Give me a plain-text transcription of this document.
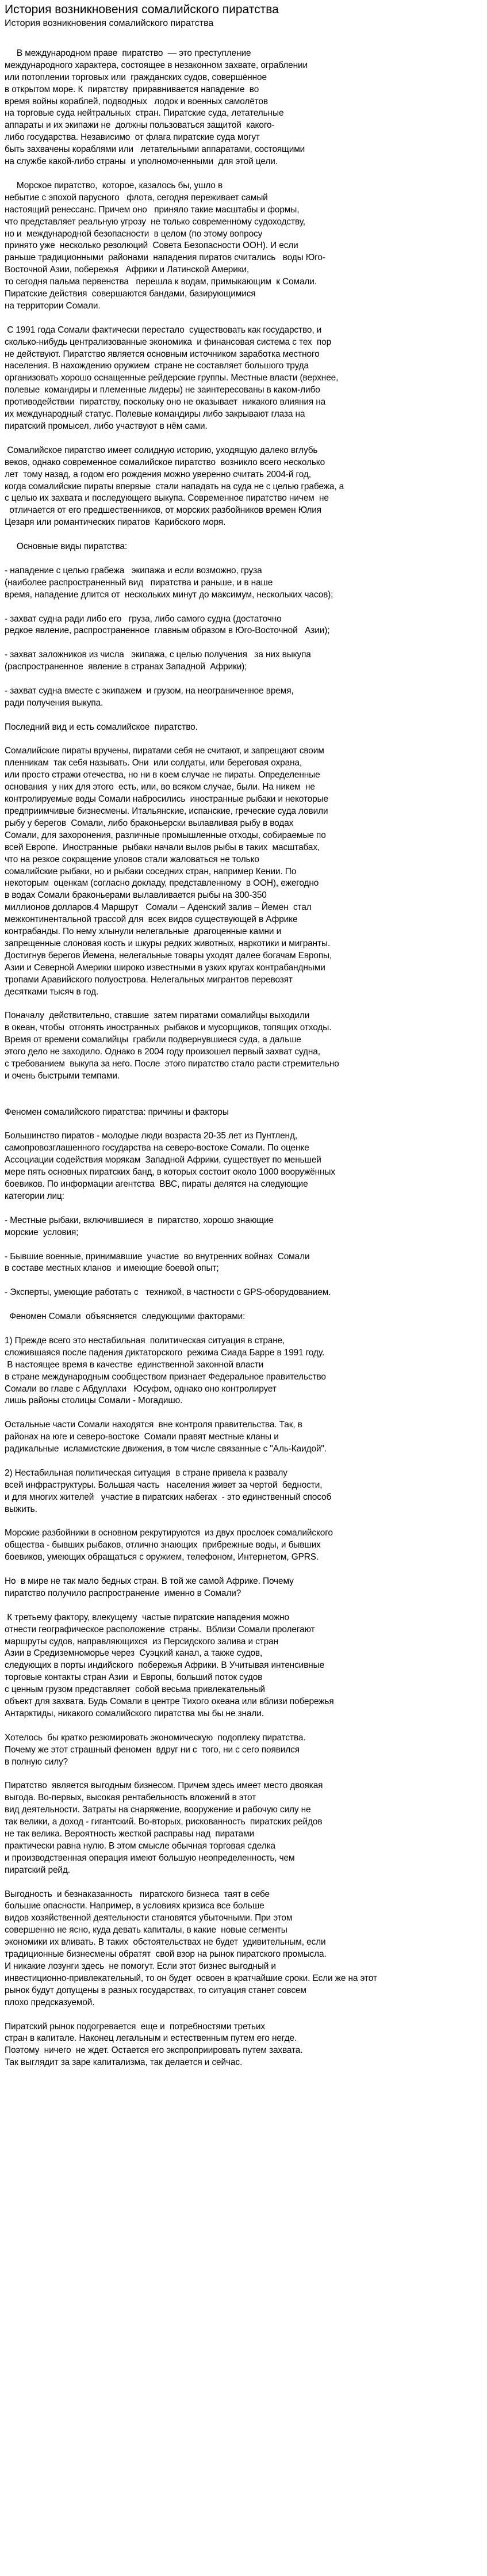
История возникновения сомалийского пиратства
История возникновения сомалийского пиратства

В международном праве  пиратство  — это преступление
международного характера, состоящее в незаконном захвате, ограблении
или потоплении торговых или  гражданских судов, совершённое
в открытом море. К  пиратству  приравнивается нападение  во
время войны кораблей, подводных   лодок и военных самолётов
на торговые суда нейтральных  стран. Пиратские суда, летательные
аппараты и их экипажи не  должны пользоваться защитой  какого-
либо государства. Независимо  от флага пиратские суда могут
быть захвачены кораблями или   летательными аппаратами, состоящими
на службе какой-либо страны  и уполномоченными  для этой цели.

Морское пиратство,  которое, казалось бы, ушло в
небытие с эпохой парусного   флота, сегодня переживает самый
настоящий ренессанс. Причем оно   приняло такие масштабы и формы,
что представляет реальную угрозу  не только современному судоходству,
но и  международной безопасности  в целом (по этому вопросу
принято уже  несколько резолюций  Совета Безопасности ООН). И если
раньше традиционными  районами  нападения пиратов считались   воды Юго-
Восточной Азии, побережья   Африки и Латинской Америки,
то сегодня пальма первенства   перешла к водам, примыкающим  к Сомали.
Пиратские действия  совершаются бандами, базирующимися
на территории Сомали.

С 1991 года Сомали фактически перестало  существовать как государство, и
сколько-нибудь централизованные экономика  и финансовая система с тех  пор
не действуют. Пиратство является основным источником заработка местного
населения. В нахождению оружием  стране не составляет большого труда
организовать хорошо оснащенные рейдерские группы. Местные власти (верхнее,
полевые  командиры и племенные лидеры) не заинтересованы в каком-либо
противодействии  пиратству, поскольку оно не оказывает  никакого влияния на
их международный статус. Полевые командиры либо закрывают глаза на
пиратский промысел, либо участвуют в нём сами.

Сомалийское пиратство имеет солидную историю, уходящую далеко вглубь
веков, однако современное сомалийское пиратство  возникло всего несколько
лет  тому назад, а годом его рождения можно уверенно считать 2004-й год,
когда сомалийские пираты впервые  стали нападать на суда не с целью грабежа, а
с целью их захвата и последующего выкупа. Современное пиратство ничем  не
отличается от его предшественников, от морских разбойников времен Юлия
Цезаря или романтических пиратов  Карибского моря.

Основные виды пиратства:

- нападение с целью грабежа   экипажа и если возможно, груза
(наиболее распространенный вид   пиратства и раньше, и в наше
время, нападение длится от  нескольких минут до максимум, нескольких часов);

- захват судна ради либо его   груза, либо самого судна (достаточно
редкое явление, распространенное  главным образом в Юго-Восточной   Азии);

- захват заложников из числа   экипажа, с целью получения   за них выкупа
(распространенное  явление в странах Западной  Африки);

- захват судна вместе с экипажем  и грузом, на неограниченное время,
ради получения выкупа.

Последний вид и есть сомалийское  пиратство.

Сомалийские пираты вручены, пиратами себя не считают, и запрещают своим
пленникам  так себя называть. Они  или солдаты, или береговая охрана,
или просто стражи отечества, но ни в коем случае не пираты. Определенные
основания  у них для этого  есть, или, во всяком случае, были. На никем  не
контролируемые воды Сомали набросились  иностранные рыбаки и некоторые
предприимчивые бизнесмены. Итальянские, испанские, греческие суда ловили
рыбу у берегов  Сомали, либо браконьерски вылавливая рыбу в водах
Сомали, для захоронения, различные промышленные отходы, собираемые по
всей Европе.  Иностранные  рыбаки начали вылов рыбы в таких  масштабах,
что на резкое сокращение уловов стали жаловаться не только
сомалийские рыбаки, но и рыбаки соседних стран, например Кении. По
некоторым  оценкам (согласно докладу, представленному  в ООН), ежегодно
в водах Сомали браконьерами вылавливается рыбы на 300-350
миллионов долларов.4 Маршрут   Сомали – Аденский залив – Йемен  стал
межконтинентальной трассой для  всех видов существующей в Африке
контрабанды. По нему хлынули нелегальные  драгоценные камни и
запрещенные слоновая кость и шкуры редких животных, наркотики и мигранты.
Достигнув берегов Йемена, нелегальные товары уходят далее богачам Европы,
Азии и Северной Америки широко известными в узких кругах контрабандными
тропами Аравийского полуострова. Нелегальных мигрантов перевозят
десятками тысяч в год.

Поначалу  действительно, ставшие  затем пиратами сомалийцы выходили
в океан, чтобы  отгонять иностранных  рыбаков и мусорщиков, топящих отходы.
Время от времени сомалийцы  грабили подвернувшиеся суда, а дальше
этого дело не заходило. Однако в 2004 году произошел первый захват судна,
с требованием  выкупа за него. После  этого пиратство стало расти стремительно
и очень быстрыми темпами.

Феномен сомалийского пиратства: причины и факторы

Большинство пиратов - молодые люди возраста 20-35 лет из Пунтленд,
самопровозглашенного государства на северо-востоке Сомали. По оценке
Ассоциации содействия морякам  Западной Африки, существует по меньшей
мере пять основных пиратских банд, в которых состоит около 1000 вооружённых
боевиков. По информации агентства  ВВС, пираты делятся на следующие
категории лиц:

- Местные рыбаки, включившиеся  в  пиратство, хорошо знающие
морские  условия;

- Бывшие военные, принимавшие  участие  во внутренних войнах  Сомали
в составе местных кланов  и имеющие боевой опыт;

- Эксперты, умеющие работать с   техникой, в частности с GPS-оборудованием.

Феномен Сомали  объясняется  следующими факторами:

1) Прежде всего это нестабильная  политическая ситуация в стране,
сложившаяся после падения диктаторского  режима Сиада Барре в 1991 году.
В настоящее время в качестве  единственной законной власти
в стране международным сообществом признает Федеральное правительство
Сомали во главе с Абдуллахи   Юсуфом, однако оно контролирует
лишь районы столицы Сомали - Могадишо.

Остальные части Сомали находятся  вне контроля правительства. Так, в
районах на юге и северо-востоке  Сомали правят местные кланы и
радикальные  исламистские движения, в том числе связанные с "Аль-Каидой".

2) Нестабильная политическая ситуация  в стране привела к развалу
всей инфраструктуры. Большая часть   населения живет за чертой  бедности,
и для многих жителей   участие в пиратских набегах  - это единственный способ
выжить.

Морские разбойники в основном рекрутируются  из двух прослоек сомалийского
общества - бывших рыбаков, отлично знающих  прибрежные воды, и бывших
боевиков, умеющих обращаться с оружием, телефоном, Интернетом, GPRS.

Но  в мире не так мало бедных стран. В той же самой Африке. Почему
пиратство получило распространение  именно в Сомали?

К третьему фактору, влекущему  частые пиратские нападения можно
отнести географическое расположение  страны.  Вблизи Сомали пролегают
маршруты судов, направляющихся  из Персидского залива и стран
Азии в Средиземноморье через  Суэцкий канал, а также судов,
следующих в порты индийского  побережья Африки. В Учитывая интенсивные
торговые контакты стран Азии  и Европы, больший поток судов
с ценным грузом представляет  собой весьма привлекательный
объект для захвата. Будь Сомали в центре Тихого океана или вблизи побережья
Антарктиды, никакого сомалийского пиратства мы бы не знали.

Хотелось  бы кратко резюмировать экономическую  подоплеку пиратства.
Почему же этот страшный феномен  вдруг ни с  того, ни с сего появился
в полную силу?

Пиратство  является выгодным бизнесом. Причем здесь имеет место двоякая
выгода. Во-первых, высокая рентабельность вложений в этот
вид деятельности. Затраты на снаряжение, вооружение и рабочую силу не
так велики, а доход - гигантский. Во-вторых, рискованность  пиратских рейдов
не так велика. Вероятность жесткой расправы над  пиратами
практически равна нулю. В этом смысле обычная торговая сделка
и производственная операция имеют большую неопределенность, чем
пиратский рейд.

Выгодность  и безнаказанность   пиратского бизнеса  таят в себе
большие опасности. Например, в условиях кризиса все больше
видов хозяйственной деятельности становятся убыточными. При этом
совершенно не ясно, куда девать капиталы, в какие  новые сегменты
экономики их вливать. В таких  обстоятельствах не будет  удивительным, если
традиционные бизнесмены обратят  свой взор на рынок пиратского промысла.
И никакие лозунги здесь  не помогут. Если этот бизнес выгодный и
инвестиционно-привлекательный, то он будет  освоен в кратчайшие сроки. Если же на этот
рынок будут допущены в разных государствах, то ситуация станет совсем
плохо предсказуемой.

Пиратский рынок подогревается  еще и  потребностями третьих
стран в капитале. Наконец легальным и естественным путем его негде.
Поэтому  ничего  не ждет. Остается его экспроприировать путем захвата.
Так выглядит за заре капитализма, так делается и сейчас.
